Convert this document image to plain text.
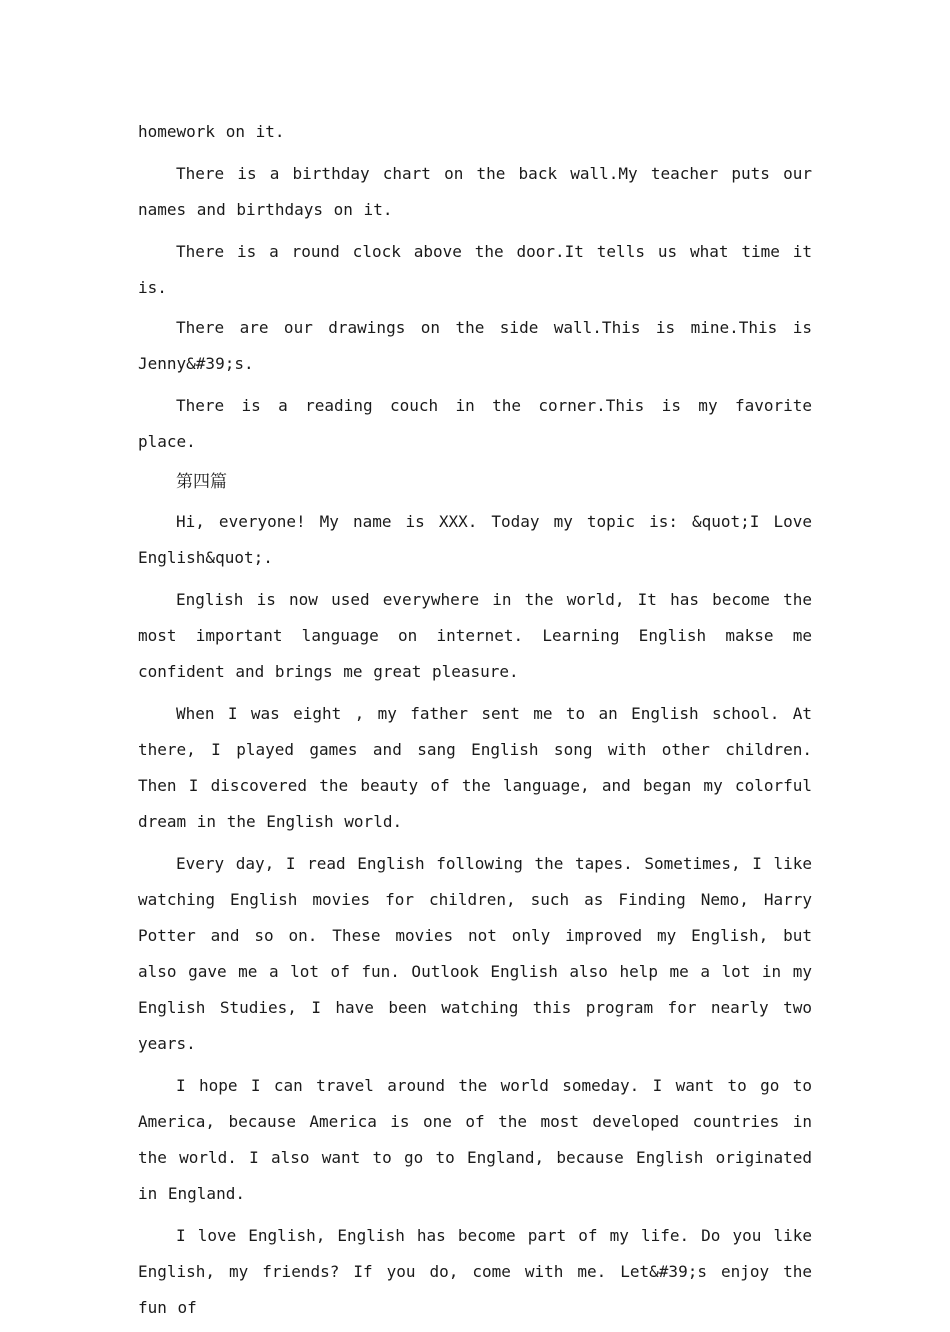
homework on it.

There is a birthday chart on the back wall.My teacher puts our names and birthdays on it.

There is a round clock above the door.It tells us what time it is.

There are our drawings on the side wall.This is mine.This is Jenny&#39;s.

There is a reading couch in the corner.This is my favorite place.

第四篇

Hi, everyone! My name is XXX. Today my topic is: &quot;I Love English&quot;.

English is now used everywhere in the world, It has become the most important language on internet. Learning English makse me confident and brings me great pleasure.

When I was eight , my father sent me to an English school. At there, I played games and sang English song with other children. Then I discovered the beauty of the language, and began my colorful dream in the English world.

Every day, I read English following the tapes. Sometimes, I like watching English movies for children, such as Finding Nemo, Harry Potter and so on. These movies not only improved my English, but also gave me a lot of fun. Outlook English also help me a lot in my English Studies, I have been watching this program for nearly two years.

I hope I can travel around the world someday. I want to go to America, because America is one of the most developed countries in the world. I also want to go to England, because English originated in England.

I love English, English has become part of my life. Do you like English, my friends? If you do, come with me. Let&#39;s enjoy the fun of
